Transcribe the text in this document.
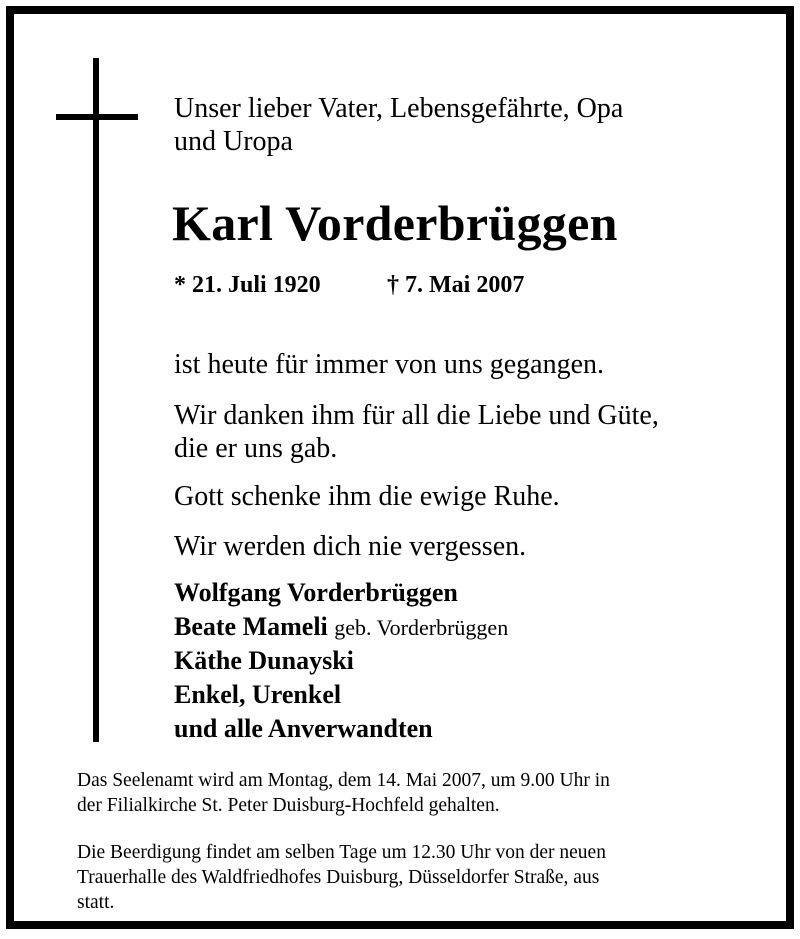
Unser lieber Vater, Lebensgefährte, Opa
und Uropa
Karl Vorderbrüggen
* 21. Juli 1920	† 7. Mai 2007
ist heute für immer von uns gegangen.
Wir danken ihm für all die Liebe und Güte,
die er uns gab.
Gott schenke ihm die ewige Ruhe.
Wir werden dich nie vergessen.
Wolfgang Vorderbrüggen
Beate Mameli geb. Vorderbrüggen
Käthe Dunayski
Enkel, Urenkel
und alle Anverwandten
Das Seelenamt wird am Montag, dem 14. Mai 2007, um 9.00 Uhr in
der Filialkirche St. Peter Duisburg-Hochfeld gehalten.
Die Beerdigung findet am selben Tage um 12.30 Uhr von der neuen
Trauerhalle des Waldfriedhofes Duisburg, Düsseldorfer Straße, aus
statt.
